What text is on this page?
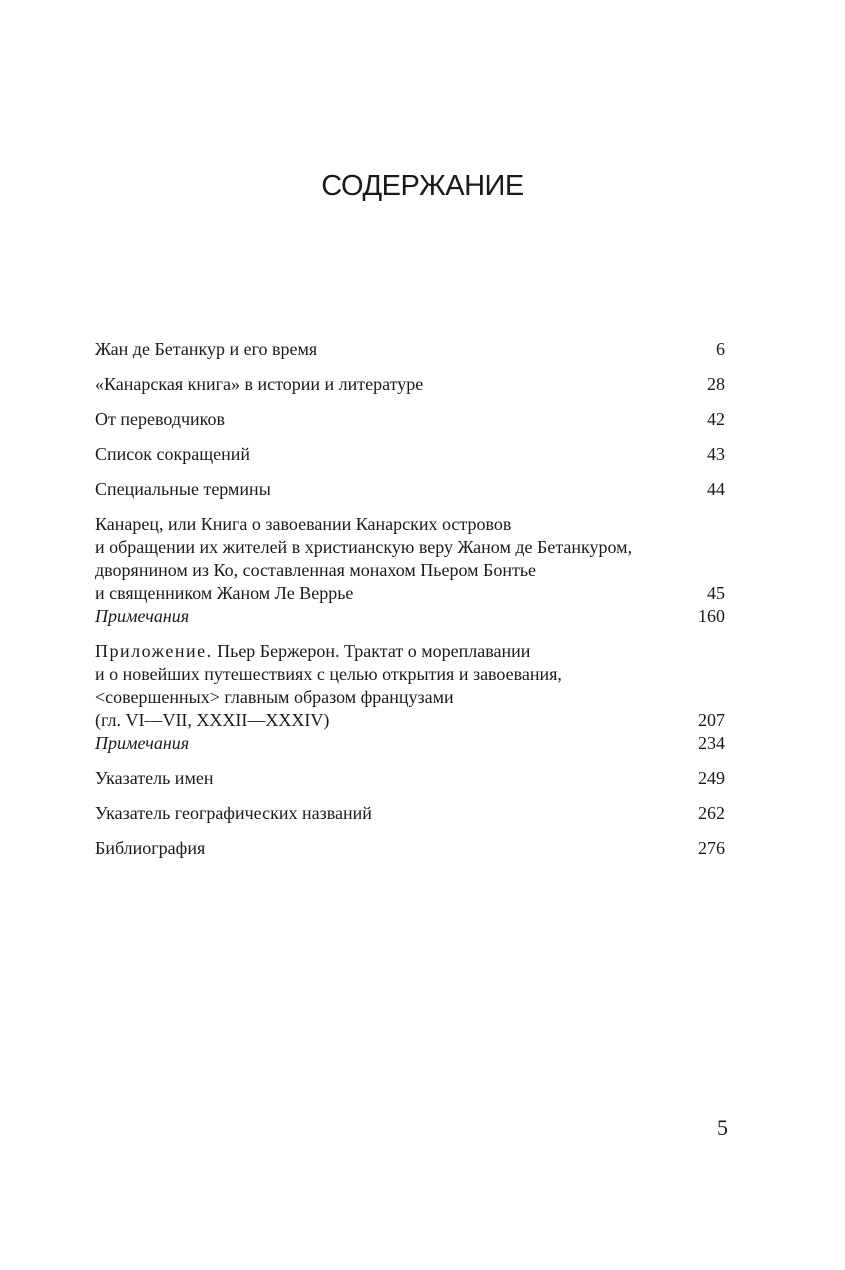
СОДЕРЖАНИЕ
Жан де Бетанкур и его время	6
«Канарская книга» в истории и литературе	28
От переводчиков	42
Список сокращений	43
Специальные термины	44
Канарец, или Книга о завоевании Канарских островов
и обращении их жителей в христианскую веру Жаном де Бетанкуром,
дворянином из Ко, составленная монахом Пьером Бонтье
и священником Жаном Ле Веррье	45
Примечания	160
Приложение. Пьер Бержерон. Трактат о мореплавании
и о новейших путешествиях с целью открытия и завоевания,
<совершенных> главным образом французами
(гл. VI—VII, XXXII—XXXIV)	207
Примечания	234
Указатель имен	249
Указатель географических названий	262
Библиография	276
5
